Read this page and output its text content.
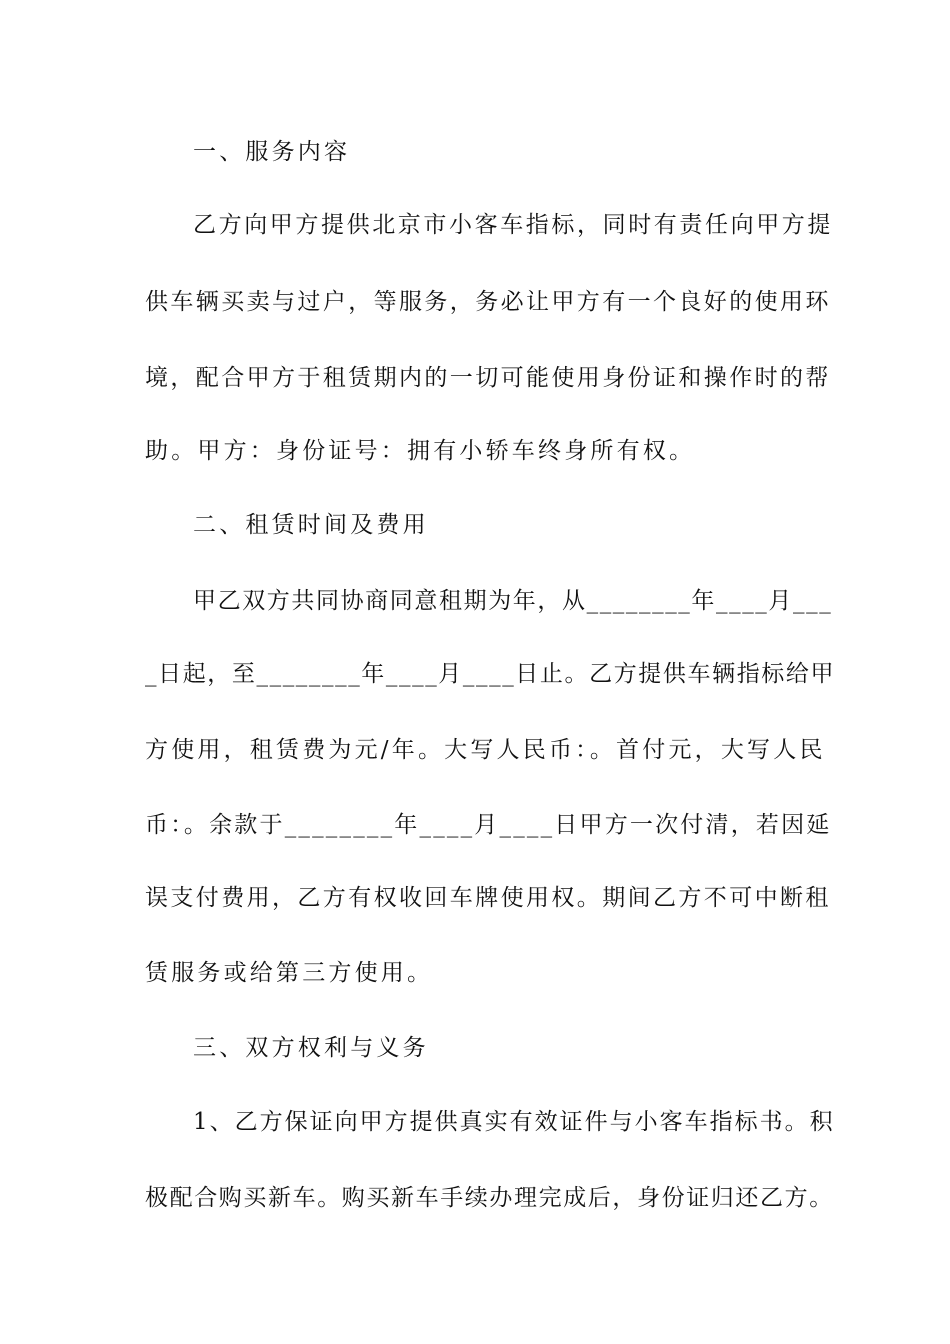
一、服务内容
乙方向甲方提供北京市小客车指标，同时有责任向甲方提
供车辆买卖与过户，等服务，务必让甲方有一个良好的使用环
境，配合甲方于租赁期内的一切可能使用身份证和操作时的帮
助。甲方：身份证号：拥有小轿车终身所有权。
二、租赁时间及费用
甲乙双方共同协商同意租期为年，从________年____月___
_日起，至________年____月____日止。乙方提供车辆指标给甲
方使用，租赁费为元/年。大写人民币：。首付元，大写人民
币：。余款于________年____月____日甲方一次付清，若因延
误支付费用，乙方有权收回车牌使用权。期间乙方不可中断租
赁服务或给第三方使用。
三、双方权利与义务
1、乙方保证向甲方提供真实有效证件与小客车指标书。积
极配合购买新车。购买新车手续办理完成后，身份证归还乙方。
